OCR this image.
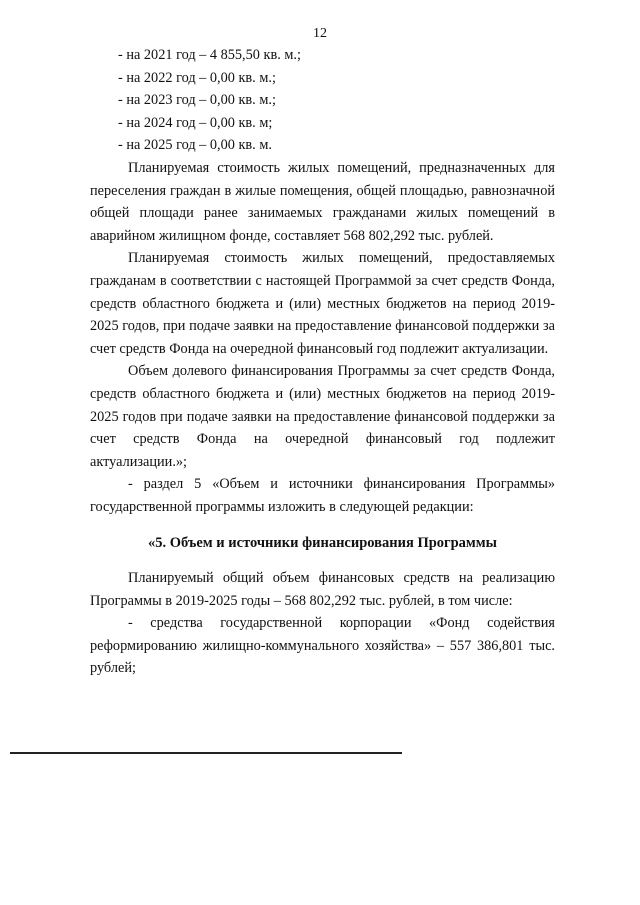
12

- на 2021 год – 4 855,50 кв. м.;

- на 2022 год – 0,00 кв. м.;

- на 2023 год – 0,00 кв. м.;

- на 2024 год – 0,00 кв. м;

- на 2025 год – 0,00 кв. м.

Планируемая стоимость жилых помещений, предназначенных для переселения граждан в жилые помещения, общей площадью, равнозначной общей площади ранее занимаемых гражданами жилых помещений в аварийном жилищном фонде, составляет 568 802,292 тыс. рублей.

Планируемая стоимость жилых помещений, предоставляемых гражданам в соответствии с настоящей Программой за счет средств Фонда, средств областного бюджета и (или) местных бюджетов на период 2019-2025 годов, при подаче заявки на предоставление финансовой поддержки за счет средств Фонда на очередной финансовый год подлежит актуализации.

Объем долевого финансирования Программы за счет средств Фонда, средств областного бюджета и (или) местных бюджетов на период 2019-2025 годов при подаче заявки на предоставление финансовой поддержки за счет средств Фонда на очередной финансовый год подлежит актуализации.»;

- раздел 5 «Объем и источники финансирования Программы» государственной программы изложить в следующей редакции:

«5. Объем и источники финансирования Программы

Планируемый общий объем финансовых средств на реализацию Программы в 2019-2025 годы – 568 802,292 тыс. рублей, в том числе:

- средства государственной корпорации «Фонд содействия реформированию жилищно-коммунального хозяйства» – 557 386,801 тыс. рублей;
